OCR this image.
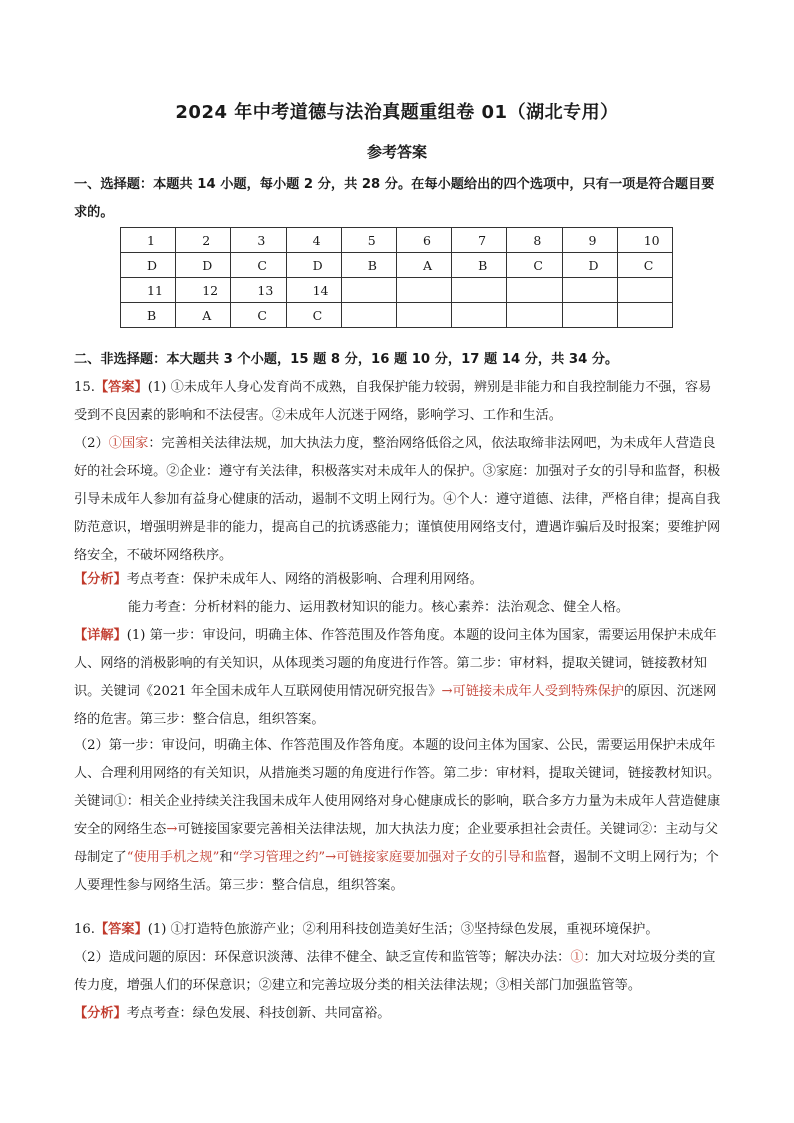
2024 年中考道德与法治真题重组卷 01（湖北专用）
参考答案

一、选择题：本题共 14 小题，每小题 2 分，共 28 分。在每小题给出的四个选项中，只有一项是符合题目要求的。

1	2	3	4	5	6	7	8	9	10
D	D	C	D	B	A	B	C	D	C
11	12	13	14						
B	A	C	C						

二、非选择题：本大题共 3 个小题，15 题 8 分，16 题 10 分，17 题 14 分，共 34 分。

15.【答案】(1) ①未成年人身心发育尚不成熟，自我保护能力较弱，辨别是非能力和自我控制能力不强，容易受到不良因素的影响和不法侵害。②未成年人沉迷于网络，影响学习、工作和生活。

（2）①国家：完善相关法律法规，加大执法力度，整治网络低俗之风，依法取缔非法网吧，为未成年人营造良好的社会环境。②企业：遵守有关法律，积极落实对未成年人的保护。③家庭：加强对子女的引导和监督，积极引导未成年人参加有益身心健康的活动，遏制不文明上网行为。④个人：遵守道德、法律，严格自律；提高自我防范意识，增强明辨是非的能力，提高自己的抗诱惑能力；谨慎使用网络支付，遭遇诈骗后及时报案；要维护网络安全，不破坏网络秩序。

【分析】考点考查：保护未成年人、网络的消极影响、合理利用网络。

能力考查：分析材料的能力、运用教材知识的能力。核心素养：法治观念、健全人格。

【详解】(1) 第一步：审设问，明确主体、作答范围及作答角度。本题的设问主体为国家，需要运用保护未成年人、网络的消极影响的有关知识，从体现类习题的角度进行作答。第二步：审材料，提取关键词，链接教材知识。关键词《2021 年全国未成年人互联网使用情况研究报告》→可链接未成年人受到特殊保护的原因、沉迷网络的危害。第三步：整合信息，组织答案。

（2）第一步：审设问，明确主体、作答范围及作答角度。本题的设问主体为国家、公民，需要运用保护未成年人、合理利用网络的有关知识，从措施类习题的角度进行作答。第二步：审材料，提取关键词，链接教材知识。关键词①：相关企业持续关注我国未成年人使用网络对身心健康成长的影响，联合多方力量为未成年人营造健康安全的网络生态→可链接国家要完善相关法律法规，加大执法力度；企业要承担社会责任。关键词②：主动与父母制定了“使用手机之规”和“学习管理之约”→可链接家庭要加强对子女的引导和监督，遏制不文明上网行为；个人要理性参与网络生活。第三步：整合信息，组织答案。

16.【答案】(1) ①打造特色旅游产业；②利用科技创造美好生活；③坚持绿色发展，重视环境保护。

（2）造成问题的原因：环保意识淡薄、法律不健全、缺乏宣传和监管等；解决办法：①：加大对垃圾分类的宣传力度，增强人们的环保意识；②建立和完善垃圾分类的相关法律法规；③相关部门加强监管等。

【分析】考点考查：绿色发展、科技创新、共同富裕。
